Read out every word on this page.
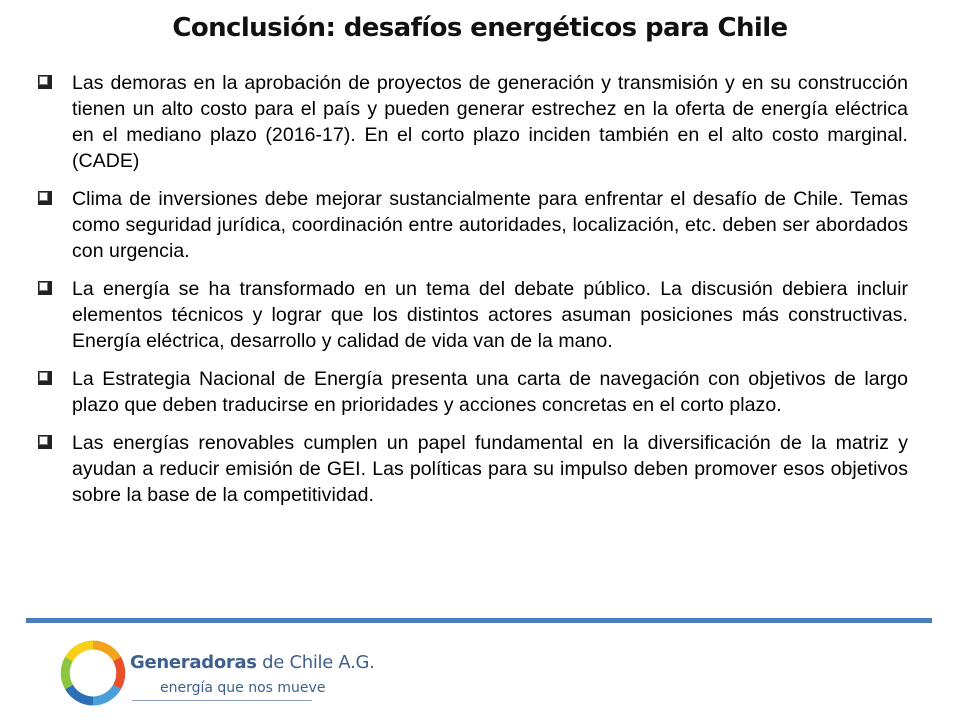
Conclusión: desafíos energéticos para Chile
Las demoras en la aprobación de proyectos de generación y transmisión y en su construcción tienen un alto costo para el país y pueden generar estrechez en la oferta de energía eléctrica en el mediano plazo (2016-17). En el corto plazo inciden también en el alto costo marginal. (CADE)
Clima de inversiones debe mejorar sustancialmente para enfrentar el desafío de Chile. Temas como seguridad jurídica, coordinación entre autoridades, localización, etc. deben ser abordados con urgencia.
La energía se ha transformado en un tema del debate público. La discusión debiera incluir elementos técnicos y lograr que los distintos actores asuman posiciones más constructivas. Energía eléctrica, desarrollo y calidad de vida van de la mano.
La Estrategia Nacional de Energía presenta una carta de navegación con objetivos de largo plazo que deben traducirse en prioridades y acciones concretas en el corto plazo.
Las energías renovables cumplen un papel fundamental en la diversificación de la matriz y ayudan a reducir emisión de GEI. Las políticas para su impulso deben promover esos objetivos sobre la base de la competitividad.
Generadoras de Chile A.G.
energía que nos mueve
